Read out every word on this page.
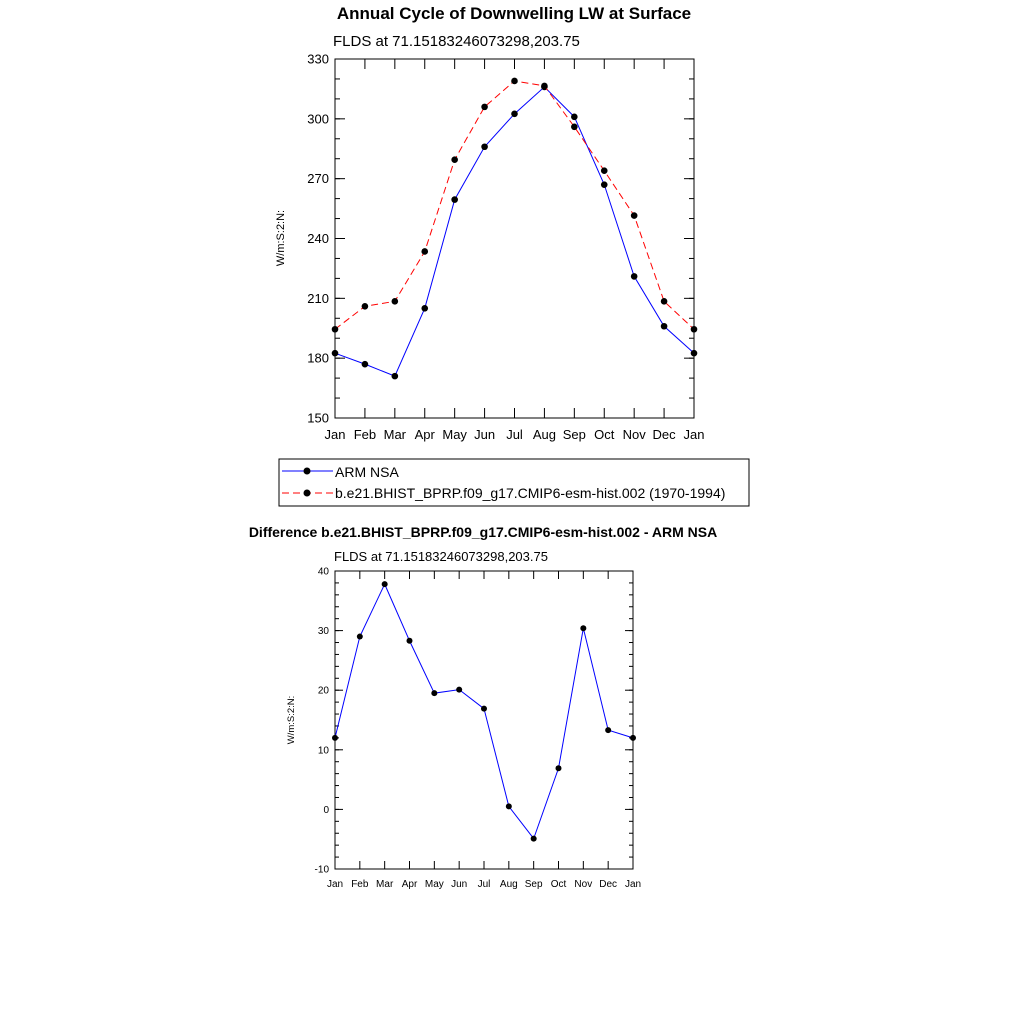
Annual Cycle of Downwelling LW at Surface
FLDS at 71.15183246073298,203.75
W/m:S:2:N:
150
180
210
240
270
300
330
Jan Feb Mar Apr May Jun Jul Aug Sep Oct Nov Dec Jan
ARM NSA
b.e21.BHIST_BPRP.f09_g17.CMIP6-esm-hist.002 (1970-1994)
Difference b.e21.BHIST_BPRP.f09_g17.CMIP6-esm-hist.002 - ARM NSA
FLDS at 71.15183246073298,203.75
W/m:S:2:N:
-10
0
10
20
30
40
Jan Feb Mar Apr May Jun Jul Aug Sep Oct Nov Dec Jan
